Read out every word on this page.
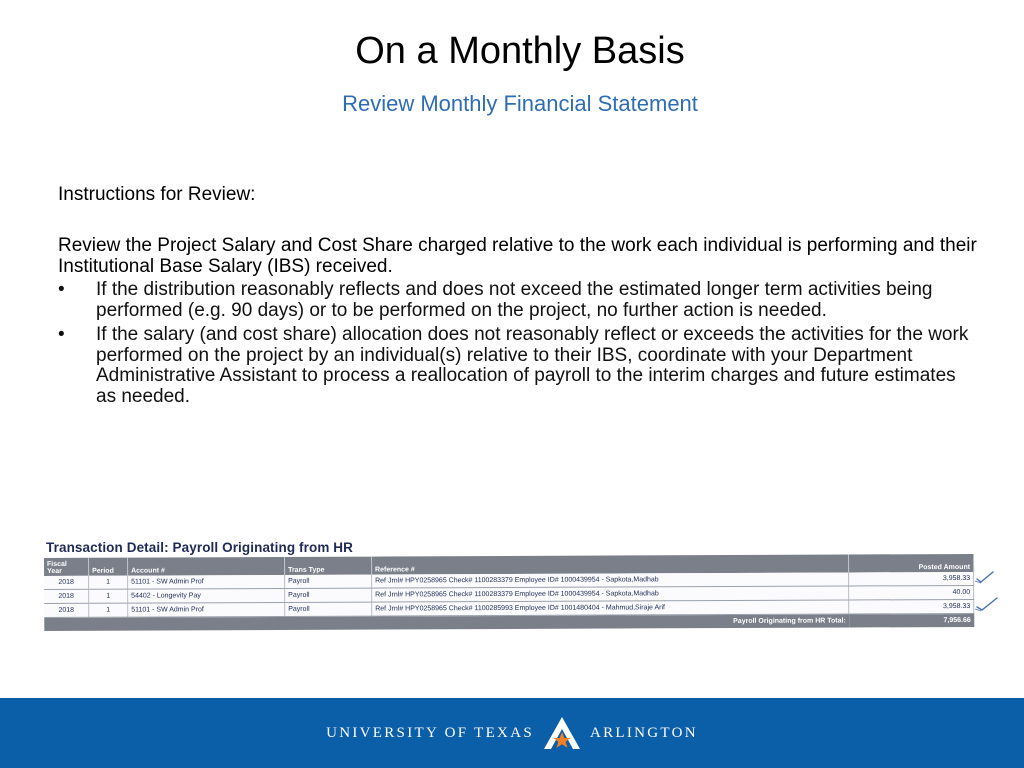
On a Monthly Basis
Review Monthly Financial Statement
Instructions for Review:
Review the Project Salary and Cost Share charged relative to the work each individual is performing and their Institutional Base Salary (IBS) received.
• If the distribution reasonably reflects and does not exceed the estimated longer term activities being performed (e.g. 90 days) or to be performed on the project, no further action is needed.
• If the salary (and cost share) allocation does not reasonably reflect or exceeds the activities for the work performed on the project by an individual(s) relative to their IBS, coordinate with your Department Administrative Assistant to process a reallocation of payroll to the interim charges and future estimates as needed.
Transaction Detail: Payroll Originating from HR
Fiscal
Year	Period	Account #	Trans Type	Reference #	Posted Amount
2018	1	51101 - SW Admin Prof	Payroll	Ref Jrnl# HPY0258965 Check# 1100283379 Employee ID# 1000439954 - Sapkota,Madhab	3,958.33
2018	1	54402 - Longevity Pay	Payroll	Ref Jrnl# HPY0258965 Check# 1100283379 Employee ID# 1000439954 - Sapkota,Madhab	40.00
2018	1	51101 - SW Admin Prof	Payroll	Ref Jrnl# HPY0258965 Check# 1100285993 Employee ID# 1001480404 - Mahmud,Siraje Arif	3,958.33
Payroll Originating from HR Total:					7,956.66
UNIVERSITY OF TEXAS	ARLINGTON
